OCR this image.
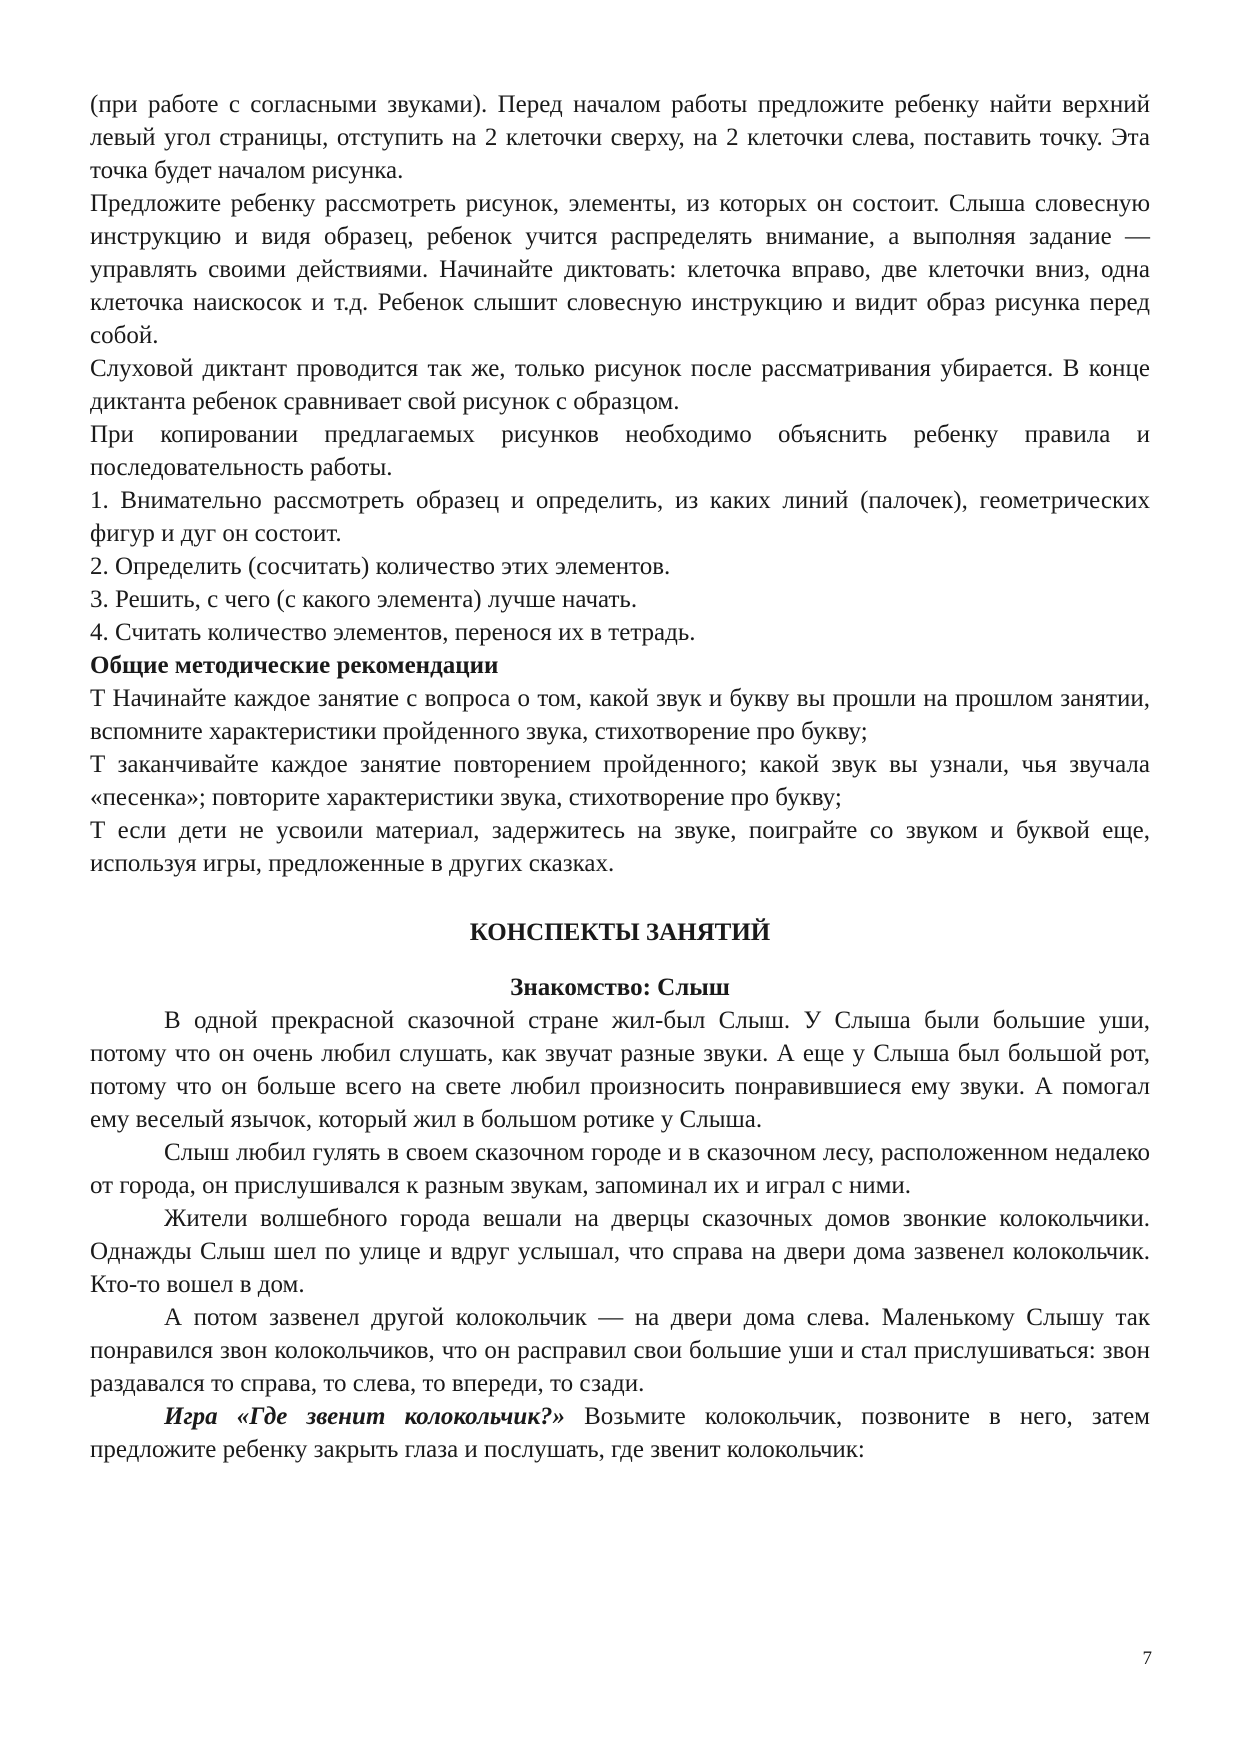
(при работе с согласными звуками). Перед началом работы предложите ребенку найти верхний левый угол страницы, отступить на 2 клеточки сверху, на 2 клеточки слева, поставить точку. Эта точка будет началом рисунка.

Предложите ребенку рассмотреть рисунок, элементы, из которых он состоит. Слыша словесную инструкцию и видя образец, ребенок учится распределять внимание, а выполняя задание — управлять своими действиями. Начинайте диктовать: клеточка вправо, две клеточки вниз, одна клеточка наискосок и т.д. Ребенок слышит словесную инструкцию и видит образ рисунка перед собой.

Слуховой диктант проводится так же, только рисунок после рассматривания убирается. В конце диктанта ребенок сравнивает свой рисунок с образцом.

При копировании предлагаемых рисунков необходимо объяснить ребенку правила и последовательность работы.

1. Внимательно рассмотреть образец и определить, из каких линий (палочек), геометрических фигур и дуг он состоит.

2. Определить (сосчитать) количество этих элементов.

3. Решить, с чего (с какого элемента) лучше начать.

4. Считать количество элементов, перенося их в тетрадь.

Общие методические рекомендации

Т Начинайте каждое занятие с вопроса о том, какой звук и букву вы прошли на прошлом занятии, вспомните характеристики пройденного звука, стихотворение про букву;

Т заканчивайте каждое занятие повторением пройденного; какой звук вы узнали, чья звучала «песенка»; повторите характеристики звука, стихотворение про букву;

Т если дети не усвоили материал, задержитесь на звуке, поиграйте со звуком и буквой еще, используя игры, предложенные в других сказках.

КОНСПЕКТЫ ЗАНЯТИЙ

Знакомство: Слыш

В одной прекрасной сказочной стране жил-был Слыш. У Слыша были большие уши, потому что он очень любил слушать, как звучат разные звуки. А еще у Слыша был большой рот, потому что он больше всего на свете любил произносить понравившиеся ему звуки. А помогал ему веселый язычок, который жил в большом ротике у Слыша.

Слыш любил гулять в своем сказочном городе и в сказочном лесу, расположенном недалеко от города, он прислушивался к разным звукам, запоминал их и играл с ними.

Жители волшебного города вешали на дверцы сказочных домов звонкие колокольчики. Однажды Слыш шел по улице и вдруг услышал, что справа на двери дома зазвенел колокольчик. Кто-то вошел в дом.

А потом зазвенел другой колокольчик — на двери дома слева. Маленькому Слышу так понравился звон колокольчиков, что он расправил свои большие уши и стал прислушиваться: звон раздавался то справа, то слева, то впереди, то сзади.

Игра «Где звенит колокольчик?» Возьмите колокольчик, позвоните в него, затем предложите ребенку закрыть глаза и послушать, где звенит колокольчик:

7
